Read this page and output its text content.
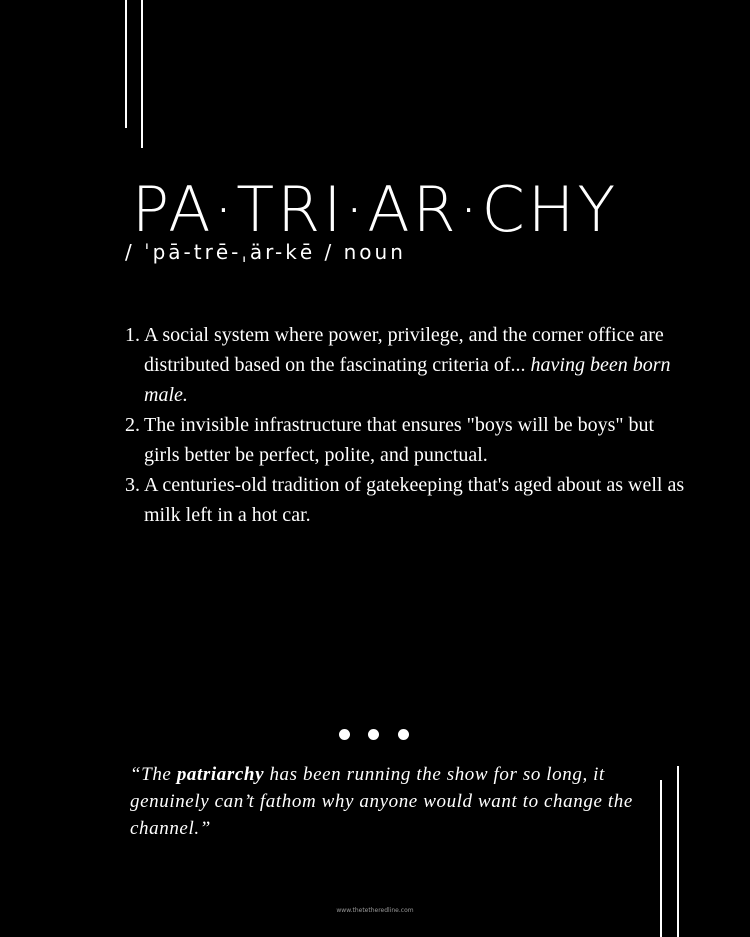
PA·TRI·AR·CHY
/ ˈpā-trē-ˌär-kē / noun
1. A social system where power, privilege, and the corner office are distributed based on the fascinating criteria of... having been born male.
2. The invisible infrastructure that ensures "boys will be boys" but girls better be perfect, polite, and punctual.
3. A centuries-old tradition of gatekeeping that's aged about as well as milk left in a hot car.

“The patriarchy has been running the show for so long, it genuinely can’t fathom why anyone would want to change the channel.”

www.thetetheredline.com
